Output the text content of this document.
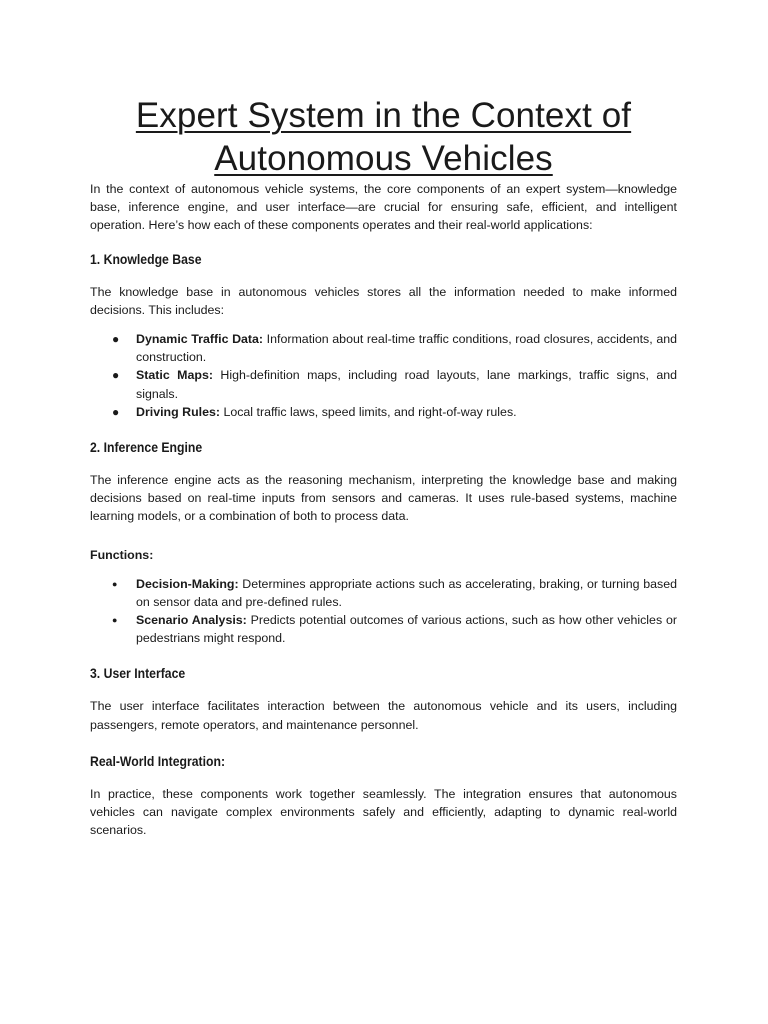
Expert System in the Context of
Autonomous Vehicles

In the context of autonomous vehicle systems, the core components of an expert system—knowledge base, inference engine, and user interface—are crucial for ensuring safe, efficient, and intelligent operation. Here’s how each of these components operates and their real-world applications:

1. Knowledge Base

The knowledge base in autonomous vehicles stores all the information needed to make informed decisions. This includes:

● Dynamic Traffic Data: Information about real-time traffic conditions, road closures, accidents, and construction.
● Static Maps: High-definition maps, including road layouts, lane markings, traffic signs, and signals.
● Driving Rules: Local traffic laws, speed limits, and right-of-way rules.
2. Inference Engine

The inference engine acts as the reasoning mechanism, interpreting the knowledge base and making decisions based on real-time inputs from sensors and cameras. It uses rule-based systems, machine learning models, or a combination of both to process data.

Functions:

● Decision-Making: Determines appropriate actions such as accelerating, braking, or turning based on sensor data and pre-defined rules.
● Scenario Analysis: Predicts potential outcomes of various actions, such as how other vehicles or pedestrians might respond.
3. User Interface

The user interface facilitates interaction between the autonomous vehicle and its users, including passengers, remote operators, and maintenance personnel.

Real-World Integration:

In practice, these components work together seamlessly. The integration ensures that autonomous vehicles can navigate complex environments safely and efficiently, adapting to dynamic real-world scenarios.
